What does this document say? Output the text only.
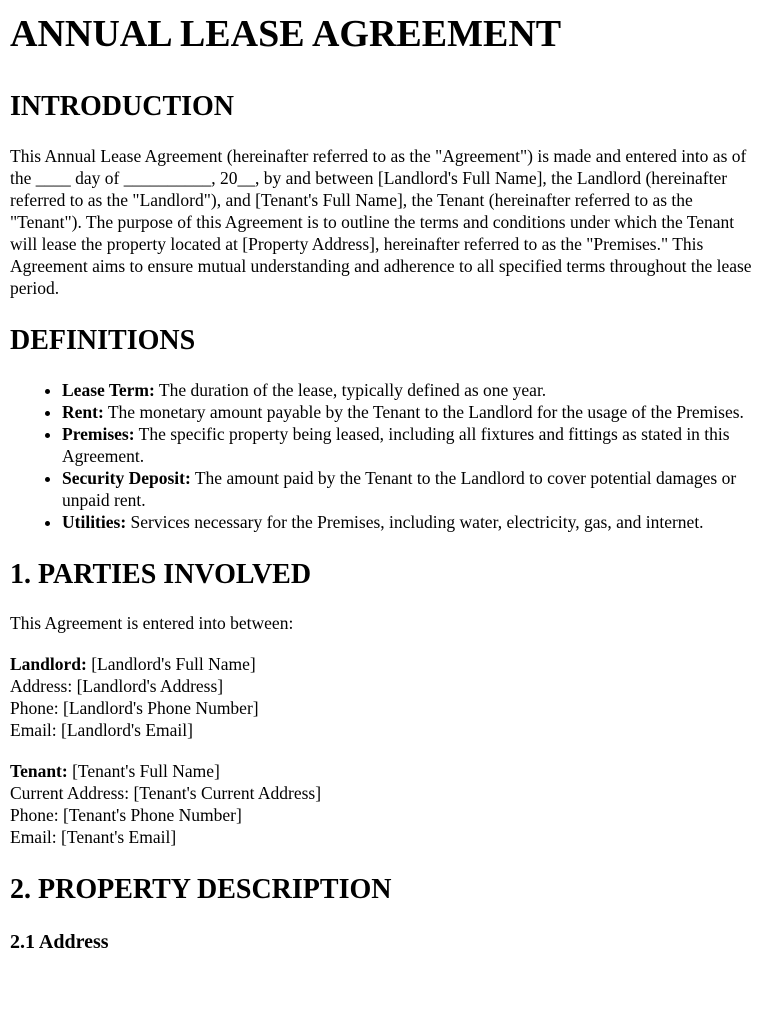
ANNUAL LEASE AGREEMENT
INTRODUCTION

This Annual Lease Agreement (hereinafter referred to as the "Agreement") is made and entered into as of the ____ day of __________, 20__, by and between [Landlord's Full Name], the Landlord (hereinafter referred to as the "Landlord"), and [Tenant's Full Name], the Tenant (hereinafter referred to as the "Tenant"). The purpose of this Agreement is to outline the terms and conditions under which the Tenant will lease the property located at [Property Address], hereinafter referred to as the "Premises." This Agreement aims to ensure mutual understanding and adherence to all specified terms throughout the lease period.

DEFINITIONS
• Lease Term: The duration of the lease, typically defined as one year.
• Rent: The monetary amount payable by the Tenant to the Landlord for the usage of the Premises.
• Premises: The specific property being leased, including all fixtures and fittings as stated in this Agreement.
• Security Deposit: The amount paid by the Tenant to the Landlord to cover potential damages or unpaid rent.
• Utilities: Services necessary for the Premises, including water, electricity, gas, and internet.
1. PARTIES INVOLVED

This Agreement is entered into between:

Landlord: [Landlord's Full Name]
Address: [Landlord's Address]
Phone: [Landlord's Phone Number]
Email: [Landlord's Email]
Tenant: [Tenant's Full Name]
Current Address: [Tenant's Current Address]
Phone: [Tenant's Phone Number]
Email: [Tenant's Email]
2. PROPERTY DESCRIPTION
2.1 Address
